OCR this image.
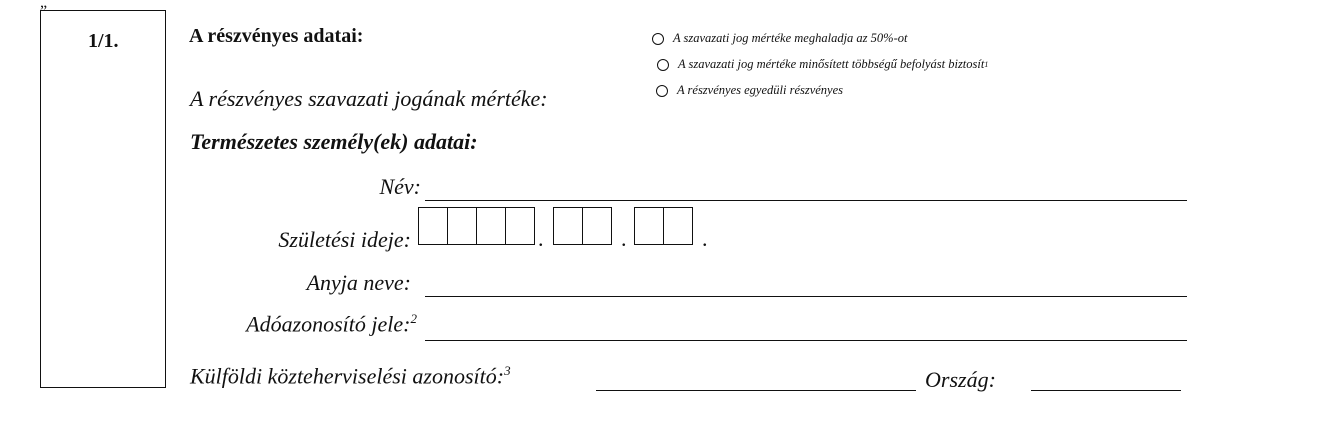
„
1/1.	A részvényes adatai:	A szavazati jog mértéke meghaladja az 50%-ot
A szavazati jog mértéke minősített többségű befolyást biztosít 1
A részvényes egyedüli részvényes
A részvényes szavazati jogának mértéke:
Természetes személy(ek) adatai:
Név:
Születési ideje:	.	.	.
Anyja neve:
Adóazonosító jele:$^2$
Külföldi közteherviselési azonosító:$^3$	Ország:
